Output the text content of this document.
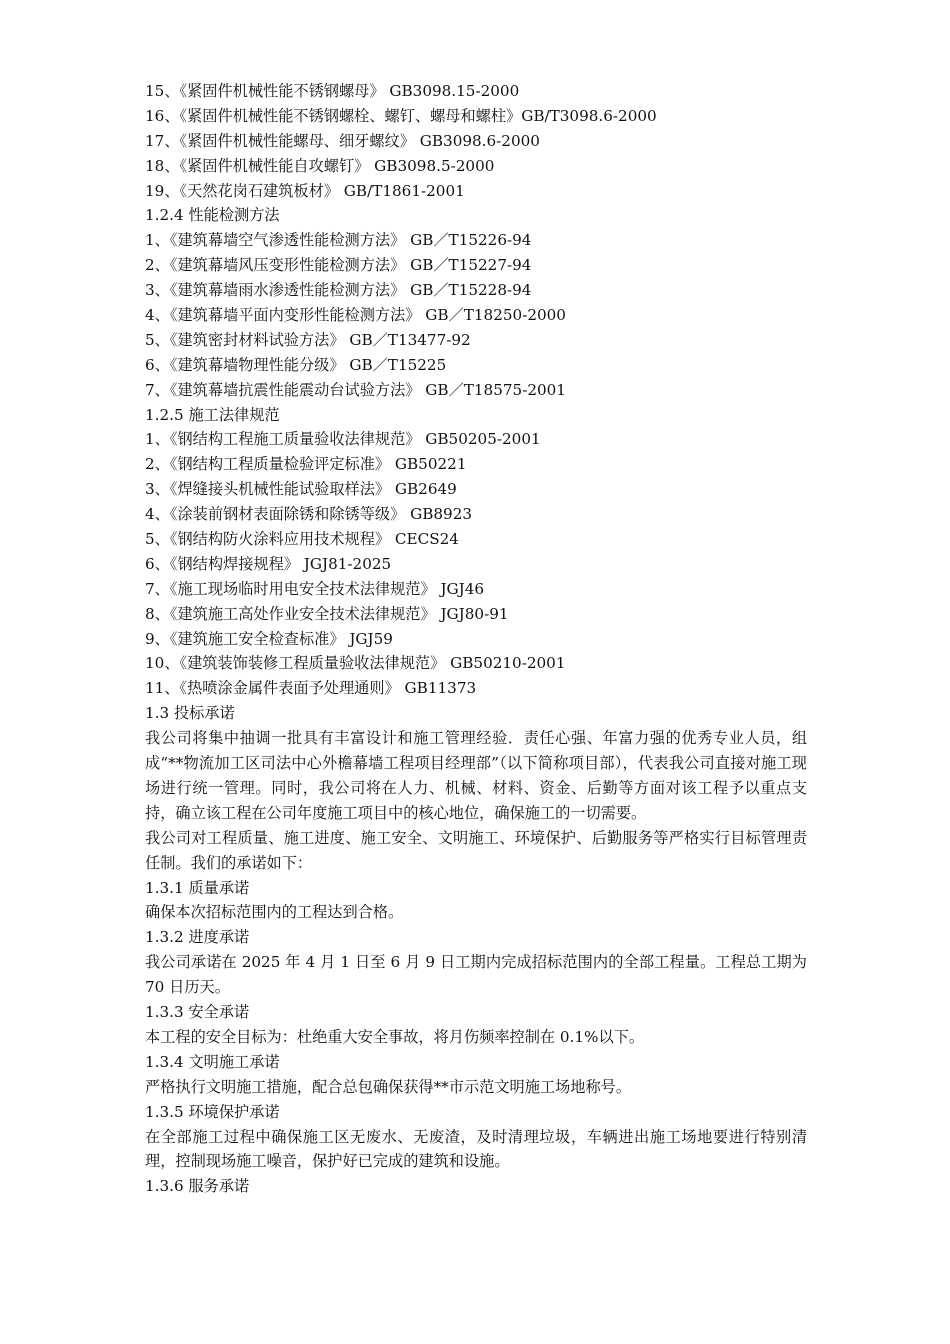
15、《紧固件机械性能不锈钢螺母》 GB3098.15-2000
16、《紧固件机械性能不锈钢螺栓、螺钉、螺母和螺柱》GB/T3098.6-2000
17、《紧固件机械性能螺母、细牙螺纹》 GB3098.6-2000
18、《紧固件机械性能自攻螺钉》 GB3098.5-2000
19、《天然花岗石建筑板材》 GB/T1861-2001
1.2.4 性能检测方法
1、《建筑幕墙空气渗透性能检测方法》 GB／T15226-94
2、《建筑幕墙风压变形性能检测方法》 GB／T15227-94
3、《建筑幕墙雨水渗透性能检测方法》 GB／T15228-94
4、《建筑幕墙平面内变形性能检测方法》 GB／T18250-2000
5、《建筑密封材料试验方法》 GB／T13477-92
6、《建筑幕墙物理性能分级》 GB／T15225
7、《建筑幕墙抗震性能震动台试验方法》 GB／T18575-2001
1.2.5 施工法律规范
1、《钢结构工程施工质量验收法律规范》 GB50205-2001
2、《钢结构工程质量检验评定标准》 GB50221
3、《焊缝接头机械性能试验取样法》 GB2649
4、《涂装前钢材表面除锈和除锈等级》 GB8923
5、《钢结构防火涂料应用技术规程》 CECS24
6、《钢结构焊接规程》 JGJ81-2025
7、《施工现场临时用电安全技术法律规范》 JGJ46
8、《建筑施工高处作业安全技术法律规范》 JGJ80-91
9、《建筑施工安全检查标准》 JGJ59
10、《建筑装饰装修工程质量验收法律规范》 GB50210-2001
11、《热喷涂金属件表面予处理通则》 GB11373
1.3 投标承诺
我公司将集中抽调一批具有丰富设计和施工管理经验．责任心强、年富力强的优秀专业人员，组成“**物流加工区司法中心外檐幕墙工程项目经理部”（以下简称项目部），代表我公司直接对施工现场进行统一管理。同时，我公司将在人力、机械、材料、资金、后勤等方面对该工程予以重点支持，确立该工程在公司年度施工项目中的核心地位，确保施工的一切需要。
我公司对工程质量、施工进度、施工安全、文明施工、环境保护、后勤服务等严格实行目标管理责任制。我们的承诺如下：
1.3.1 质量承诺
确保本次招标范围内的工程达到合格。
1.3.2 进度承诺
我公司承诺在 2025 年 4 月 1 日至 6 月 9 日工期内完成招标范围内的全部工程量。工程总工期为 70 日历天。
1.3.3 安全承诺
本工程的安全目标为：杜绝重大安全事故，将月伤频率控制在 0.1%以下。
1.3.4 文明施工承诺
严格执行文明施工措施，配合总包确保获得**市示范文明施工场地称号。
1.3.5 环境保护承诺
在全部施工过程中确保施工区无废水、无废渣，及时清理垃圾，车辆进出施工场地要进行特别清理，控制现场施工噪音，保护好已完成的建筑和设施。
1.3.6 服务承诺
